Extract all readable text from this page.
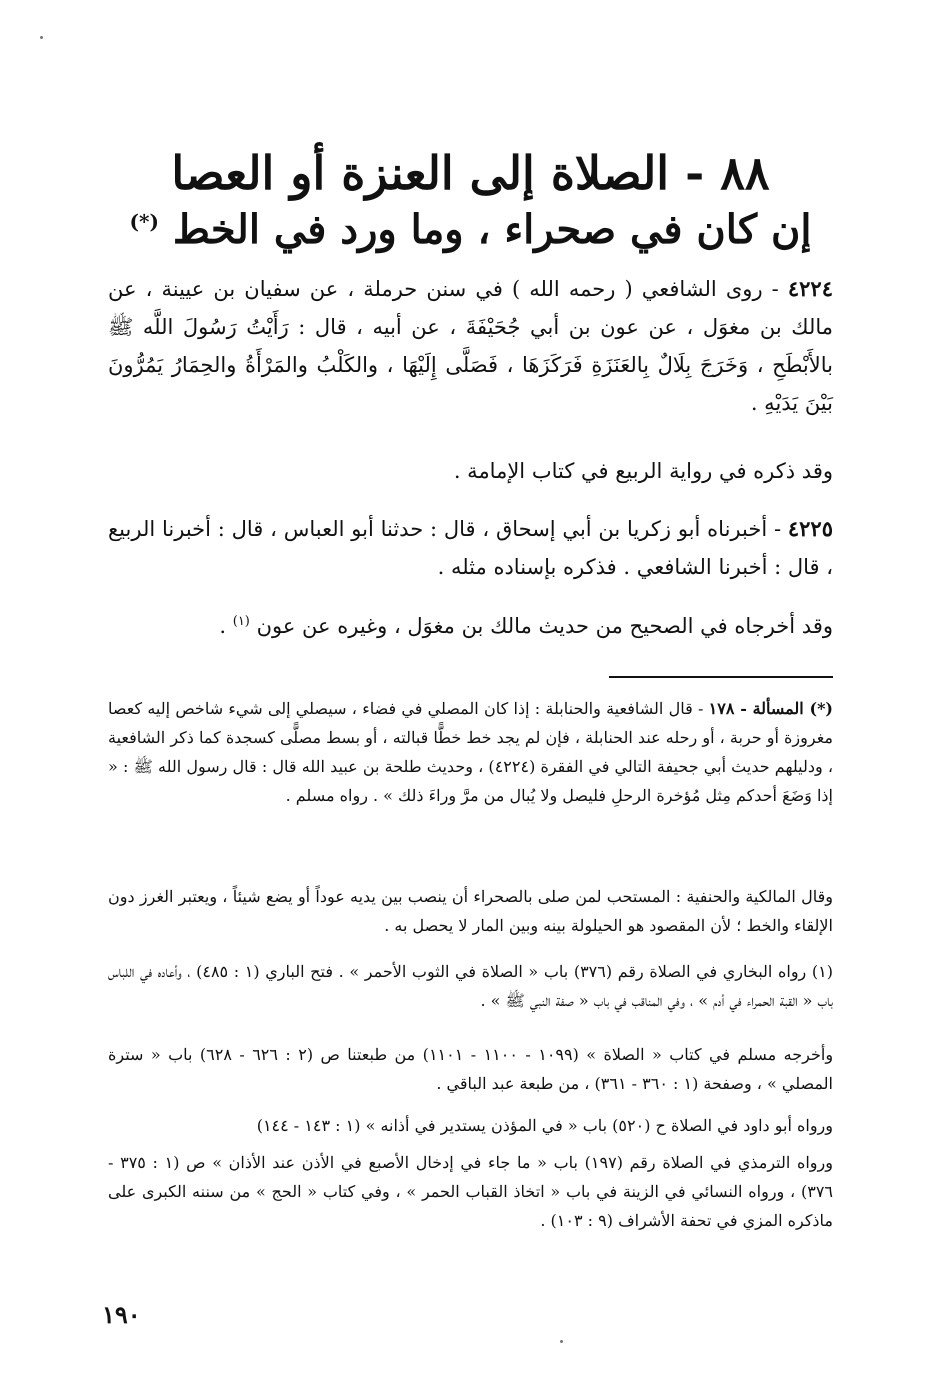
٨٨ - الصلاة إلى العنزة أو العصا
إن كان في صحراء ، وما ورد في الخط (*)
٤٢٢٤ - روى الشافعي ( رحمه الله ) في سنن حرملة ، عن سفيان بن عيينة ، عن مالك بن مغوَل ، عن عون بن أبي جُحَيْفَةَ ، عن أبيه ، قال : رَأَيْتُ رَسُولَ اللَّه ﷺ بالأَبْطَحِ ، وَخَرَجَ بِلَالٌ بِالعَنَزَةِ فَرَكَزَهَا ، فَصَلَّى إِلَيْهَا ، والكَلْبُ والمَرْأَةُ والحِمَارُ يَمُرُّونَ بَيْنَ يَدَيْهِ .
وقد ذكره في رواية الربيع في كتاب الإمامة .
٤٢٢٥ - أخبرناه أبو زكريا بن أبي إسحاق ، قال : حدثنا أبو العباس ، قال : أخبرنا الربيع ، قال : أخبرنا الشافعي . فذكره بإسناده مثله .
وقد أخرجاه في الصحيح من حديث مالك بن مغوَل ، وغيره عن عون $^{(١)}$ .
(*) المسألة - ١٧٨ - قال الشافعية والحنابلة : إذا كان المصلي في فضاء ، سيصلي إلى شيء شاخص إليه كعصا مغروزة أو حربة ، أو رحله عند الحنابلة ، فإن لم يجد خط خطًّا قبالته ، أو بسط مصلًّى كسجدة كما ذكر الشافعية ، ودليلهم حديث أبي جحيفة التالي في الفقرة (٤٢٢٤) ، وحديث طلحة بن عبيد الله قال : قال رسول الله ﷺ : « إذا وَضَعَ أحدكم مِثل مُؤخرة الرحلِ فليصل ولا يُبال من مرَّ وراءَ ذلك » . رواه مسلم .
وقال المالكية والحنفية : المستحب لمن صلى بالصحراء أن ينصب بين يديه عوداً أو يضع شيئاً ، ويعتبر الغرز دون الإلقاء والخط ؛ لأن المقصود هو الحيلولة بينه وبين المار لا يحصل به .
(١) رواه البخاري في الصلاة رقم (٣٧٦) باب « الصلاة في الثوب الأحمر » . فتح الباري (١ : ٤٨٥) ، وأعاده في اللباس باب « القبة الحمراء في أدم » ، وفي المناقب في باب « صفة النبي ﷺ » .
وأخرجه مسلم في كتاب « الصلاة » (١٠٩٩ - ١١٠٠ - ١١٠١) من طبعتنا ص (٢ : ٦٢٦ - ٦٢٨) باب « سترة المصلي » ، وصفحة (١ : ٣٦٠ - ٣٦١) ، من طبعة عبد الباقي .
ورواه أبو داود في الصلاة ح (٥٢٠) باب « في المؤذن يستدير في أذانه » (١ : ١٤٣ - ١٤٤)
ورواه الترمذي في الصلاة رقم (١٩٧) باب « ما جاء في إدخال الأصبع في الأذن عند الأذان » ص (١ : ٣٧٥ - ٣٧٦) ، ورواه النسائي في الزينة في باب « اتخاذ القباب الحمر » ، وفي كتاب « الحج » من سننه الكبرى على ماذكره المزي في تحفة الأشراف (٩ : ١٠٣) .
١٩٠
